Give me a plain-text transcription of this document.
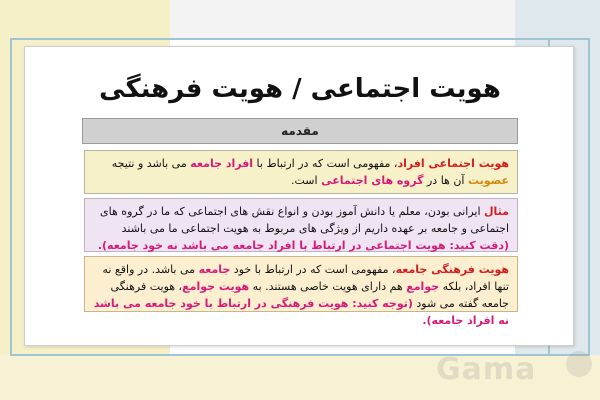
هویت اجتماعی / هویت فرهنگی
مقدمه
هویت اجتماعی افراد، مفهومی است که در ارتباط با افراد جامعه می باشد و نتیجه عضویت آن ها در گروه های اجتماعی است.
مثال ایرانی بودن، معلم یا دانش آموز بودن و انواع نقش های اجتماعی که ما در گروه های اجتماعی و جامعه بر عهده داریم از ویژگی های مربوط به هویت اجتماعی ما می باشند (دقت کنید: هویت اجتماعی در ارتباط با افراد جامعه می باشد نه خود جامعه).
هویت فرهنگی جامعه، مفهومی است که در ارتباط با خود جامعه می باشد. در واقع نه تنها افراد، بلکه جوامع هم دارای هویت خاصی هستند. به هویت جوامع، هویت فرهنگی جامعه گفته می شود (توجه کنید: هویت فرهنگی در ارتباط با خود جامعه می باشد نه افراد جامعه).
Gama
